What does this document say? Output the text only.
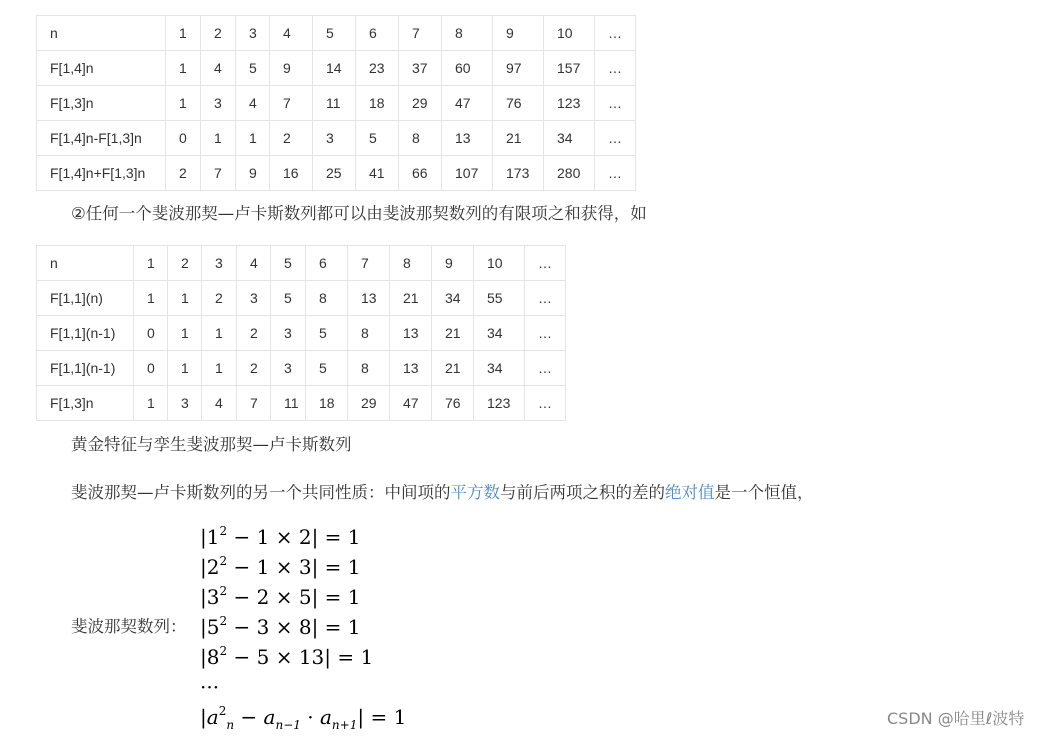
n	1	2	3	4	5	6	7	8	9	10	…
F[1,4]n	1	4	5	9	14	23	37	60	97	157	…
F[1,3]n	1	3	4	7	11	18	29	47	76	123	…
F[1,4]n-F[1,3]n	0	1	1	2	3	5	8	13	21	34	…
F[1,4]n+F[1,3]n	2	7	9	16	25	41	66	107	173	280	…
②任何一个斐波那契—卢卡斯数列都可以由斐波那契数列的有限项之和获得，如
n	1	2	3	4	5	6	7	8	9	10	…
F[1,1](n)	1	1	2	3	5	8	13	21	34	55	…
F[1,1](n-1)	0	1	1	2	3	5	8	13	21	34	…
F[1,1](n-1)	0	1	1	2	3	5	8	13	21	34	…
F[1,3]n	1	3	4	7	11	18	29	47	76	123	…
黄金特征与孪生斐波那契—卢卡斯数列
斐波那契—卢卡斯数列的另一个共同性质：中间项的平方数与前后两项之积的差的绝对值是一个恒值，
斐波那契数列：
$|1^2 - 1 \times 2| = 1$
$|2^2 - 1 \times 3| = 1$
$|3^2 - 2 \times 5| = 1$
$|5^2 - 3 \times 8| = 1$
$|8^2 - 5 \times 13| = 1$
···
$|a^2_n - a_{n-1} \cdot a_{n+1}| = 1$	CSDN @哈里ℓ波特
